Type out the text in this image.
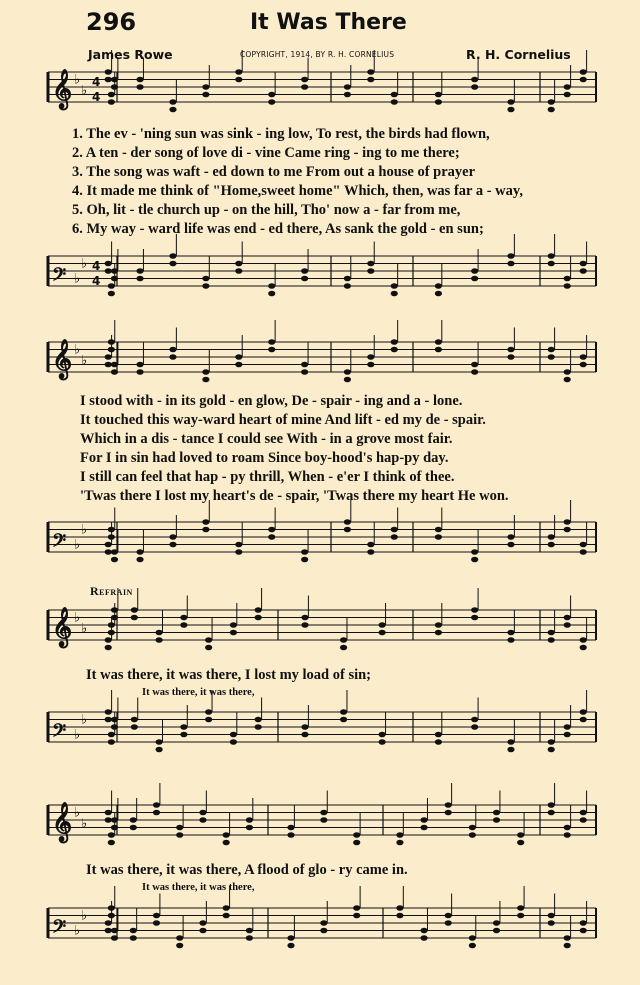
296	It Was There
James Rowe	COPYRIGHT, 1914, BY R. H. CORNELIUS	R. H. Cornelius
𝄞 ♭
♭
4
4
𝄢 ♭
♭ 4
4
𝄞 ♭
♭
𝄢 ♭
♭
𝄞 ♭
♭
𝄢 ♭
♭
𝄞 ♭
♭
𝄢 ♭
♭
1. The ev - 'ning sun was sink - ing low, To rest, the birds had flown,
2. A ten - der song of love di - vine Came ring - ing to me there;
3. The song was waft - ed down to me From out a house of prayer
4. It made me think of "Home,sweet home" Which, then, was far a - way,
5. Oh, lit - tle church up - on the hill, Tho' now a - far from me,
6. My way - ward life was end - ed there, As sank the gold - en sun;
I stood with - in its gold - en glow, De - spair - ing and a - lone.
It touched this way-ward heart of mine And lift - ed my de - spair.
Which in a dis - tance I could see With - in a grove most fair.
For I in sin had loved to roam Since boy-hood's hap-py day.
I still can feel that hap - py thrill, When - e'er I think of thee.
'Twas there I lost my heart's de - spair, 'Twas there my heart He won.
Refrain
It was there, it was there, I lost my load of sin;
It was there, it was there,
It was there, it was there, A flood of glo - ry came in.
It was there, it was there,
